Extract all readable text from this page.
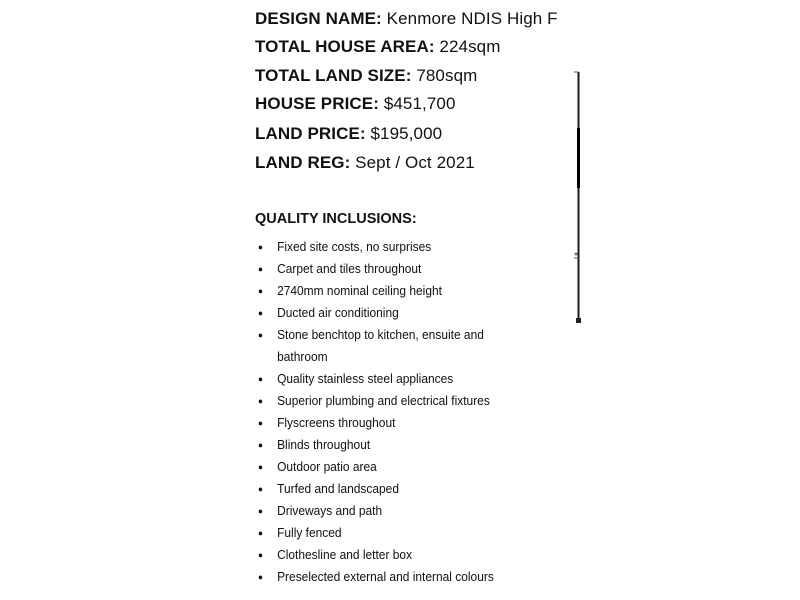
DESIGN NAME: Kenmore NDIS High F
TOTAL HOUSE AREA: 224sqm
TOTAL LAND SIZE: 780sqm
HOUSE PRICE: $451,700
LAND PRICE: $195,000
LAND REG: Sept / Oct 2021
QUALITY INCLUSIONS:
● Fixed site costs, no surprises
● Carpet and tiles throughout
● 2740mm nominal ceiling height
● Ducted air conditioning
● Stone benchtop to kitchen, ensuite and bathroom
● Quality stainless steel appliances
● Superior plumbing and electrical fixtures
● Flyscreens throughout
● Blinds throughout
● Outdoor patio area
● Turfed and landscaped
● Driveways and path
● Fully fenced
● Clothesline and letter box
● Preselected external and internal colours
